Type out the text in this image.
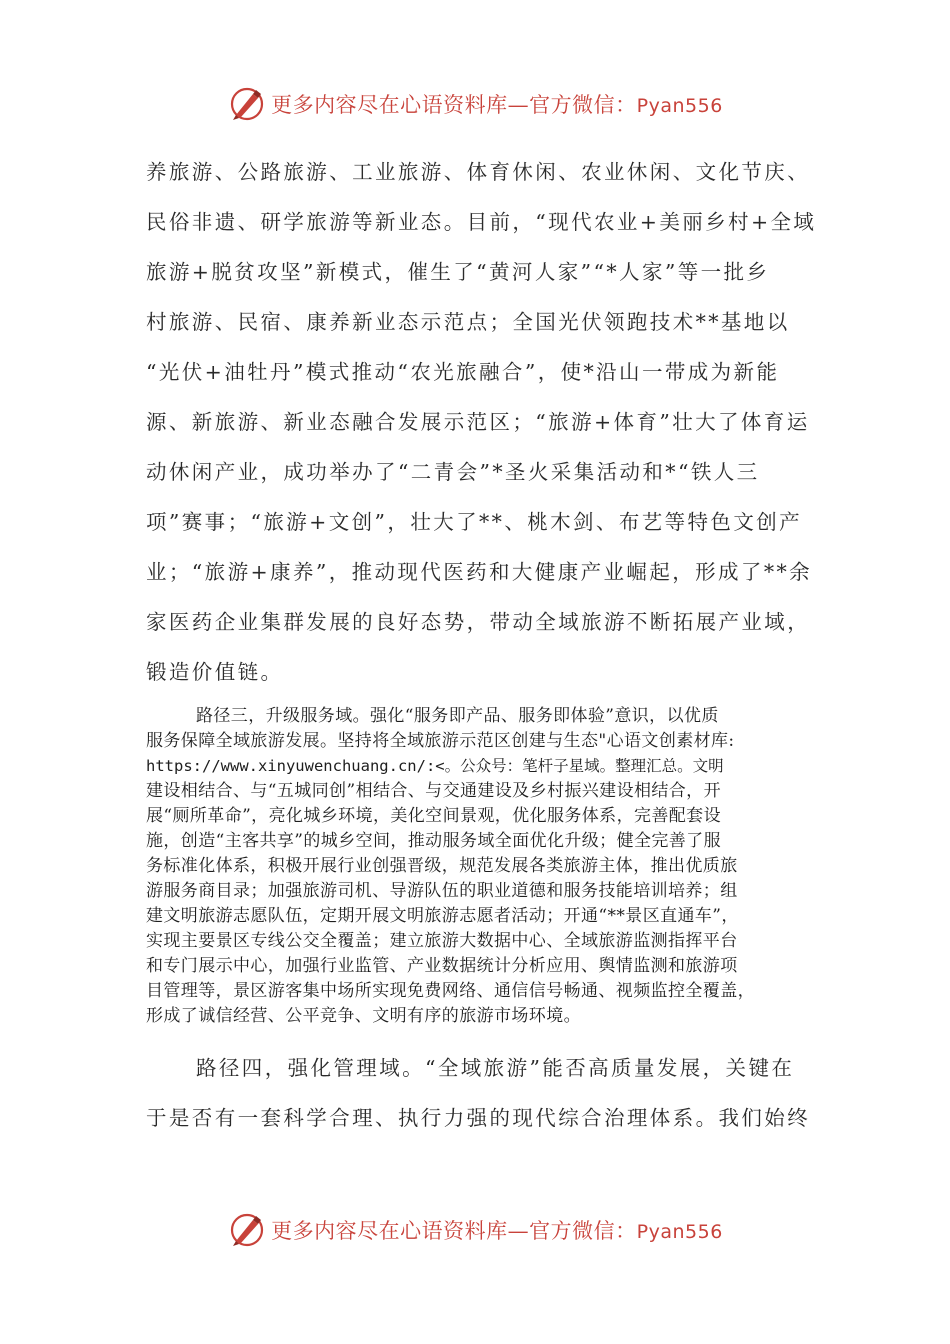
更多内容尽在心语资料库—官方微信：Pyan556
养旅游、公路旅游、工业旅游、体育休闲、农业休闲、文化节庆、
民俗非遗、研学旅游等新业态。目前，“现代农业+美丽乡村+全域
旅游+脱贫攻坚”新模式，催生了“黄河人家”“*人家”等一批乡
村旅游、民宿、康养新业态示范点；全国光伏领跑技术**基地以
“光伏+油牡丹”模式推动“农光旅融合”，使*沿山一带成为新能
源、新旅游、新业态融合发展示范区；“旅游+体育”壮大了体育运
动休闲产业，成功举办了“二青会”*圣火采集活动和*“铁人三
项”赛事；“旅游+文创”，壮大了**、桃木剑、布艺等特色文创产
业；“旅游+康养”，推动现代医药和大健康产业崛起，形成了**余
家医药企业集群发展的良好态势，带动全域旅游不断拓展产业域，
锻造价值链。
路径三，升级服务域。强化“服务即产品、服务即体验”意识，以优质
服务保障全域旅游发展。坚持将全域旅游示范区创建与生态"心语文创素材库:
https://www.xinyuwenchuang.cn/:<。公众号：笔杆子星域。整理汇总。文明
建设相结合、与“五城同创”相结合、与交通建设及乡村振兴建设相结合，开
展“厕所革命”，亮化城乡环境，美化空间景观，优化服务体系，完善配套设
施，创造“主客共享”的城乡空间，推动服务域全面优化升级；健全完善了服
务标准化体系，积极开展行业创强晋级，规范发展各类旅游主体，推出优质旅
游服务商目录；加强旅游司机、导游队伍的职业道德和服务技能培训培养；组
建文明旅游志愿队伍，定期开展文明旅游志愿者活动；开通“**景区直通车”，
实现主要景区专线公交全覆盖；建立旅游大数据中心、全域旅游监测指挥平台
和专门展示中心，加强行业监管、产业数据统计分析应用、舆情监测和旅游项
目管理等，景区游客集中场所实现免费网络、通信信号畅通、视频监控全覆盖，
形成了诚信经营、公平竞争、文明有序的旅游市场环境。
路径四，强化管理域。“全域旅游”能否高质量发展，关键在
于是否有一套科学合理、执行力强的现代综合治理体系。我们始终
更多内容尽在心语资料库—官方微信：Pyan556
